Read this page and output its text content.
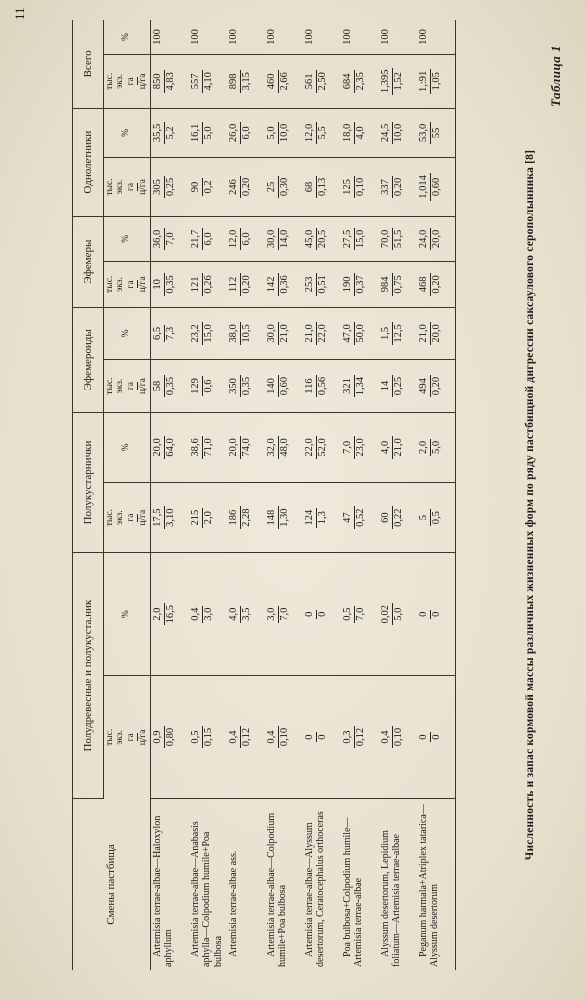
Численность и запас кормовой массы различных жизненных форм по ряду пастбищной дигрессии саксаулового серополынника [8]
Таблица 1
Смены пастбища	Полудревесные и полукуста.ник		Полукустарнички		Эфемероиды		Эфемеры		Однолетники		Всего	

	тыс. экз. га ц/га	%	тыс. экз. га ц/га	%	тыс. экз. га ц/га	%	тыс. экз. га ц/га	%	тыс. экз. га ц/га	%	тыс. экз. га ц/га	%

Artemisia terrae-albae—Haloxylon aphyllum	0,9 0,80	2,0 16,5	17,5 3,10	20,0 64,0	58 0,35	6,5 7,3	10 0,35	36,0 7,0	305 0,25	35,5 5,2	850 4,83	100

Artemisia terrae-albae—Anabasis aphylla—Colpodium humile+Poa bulbosa	0,5 0,15	0,4 3,0	215 2,0	38,6 71,0	129 0,6	23,2 15,0	121 0,26	21,7 6,0	90 0,2	16,1 5,0	557 4,10	100

Artemisia terrae-albae ass.	0,4 0,12	4,0 3,5	186 2,28	20,0 74,0	350 0,35	38,0 10,5	112 0,20	12,0 6,0	246 0,20	26,0 6,0	898 3,15	100

Artemisia terrae-albae—Colpodium humile+Poa bulbosa	0,4 0,10	3,0 7,0	148 1,30	32,0 48,0	140 0,60	30,0 21,0	142 0,36	30,0 14,0	25 0,30	5,0 10,0	460 2,66	100

Artemisia terrae-albae—Alyssum desertorum, Ceratocephalus orthoceras	0 0	0 0	124 1,3	22,0 52,0	116 0,56	21,0 22,0	253 0,51	45,0 20,5	68 0,13	12,0 5,5	561 2,50	100

Poa bulbosa+Colpodium humile—Artemisia terrae-albae	0,3 0,12	0,5 7,0	47 0,52	7,0 23,0	321 1,34	47,0 50,0	190 0,37	27,5 15,0	125 0,10	18,0 4,0	684 2,35	100

Alyssum desertorum, Lepidium foliatum—Artemisia terrae-albae	0,4 0,10	0,02 5,0	60 0,22	4,0 21,0	14 0,25	1,5 12,5	984 0,75	70,0 51,5	337 0,20	24,5 10,0	1,395 1,52	100

Peganum harmala+Atriplex tatarica—Alyssum desertorum	0 0	0 0	5 0,5	2,0 5,0	494 0,20	21,0 20,0	468 0,20	24,0 20,0	1,014 0,60	53,0 55	1,:91 1,05	100
11
